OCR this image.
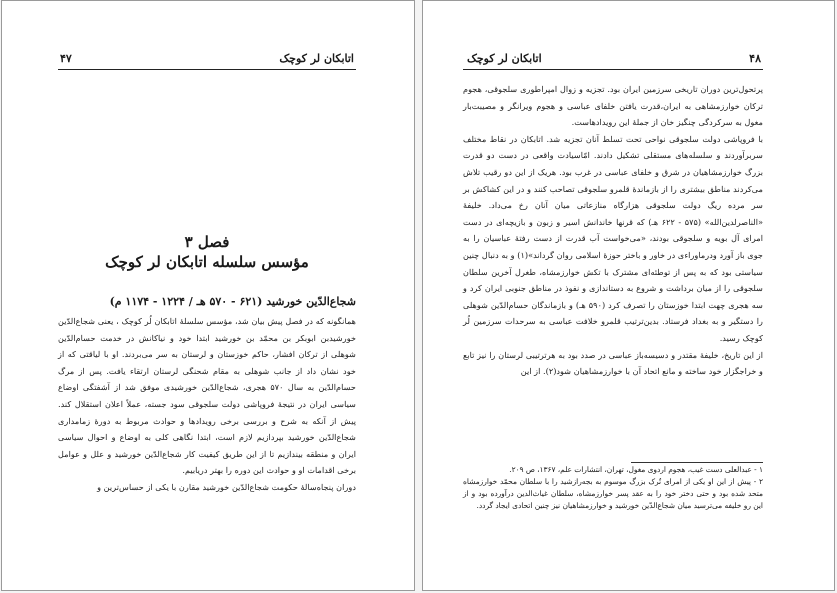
اتابکان لر کوچک
۴۷
فصل ۳
مؤسس سلسله اتابکان لر کوچک
شجاع‌الدّین خورشید (۶۲۱ - ۵۷۰ هـ / ۱۲۲۴ - ۱۱۷۴ م)

همانگونه که در فصل پیش بیان شد، مؤسس سلسلهٔ اتابکان لُر کوچک ، یعنی شجاع‌الدّین خورشیدبن ابوبکر بن محمّد بن خورشید ابتدا خود و نیاکانش در خدمت حسام‌الدّین شوهلی از ترکان افشار، حاکم خوزستان و لرستان به سر می‌بردند. او با لیاقتی که از خود نشان داد از جانب شوهلی به مقام شحنگی لرستان ارتقاء یافت. پس از مرگ حسام‌الدّین به سال ۵۷۰ هجری، شجاع‌الدّین خورشیدی موفق شد از آشفتگی اوضاع سیاسی ایران در نتیجهٔ فروپاشی دولت سلجوقی سود جسته، عملاً اعلان استقلال کند. پیش از آنکه به شرح و بررسی برخی رویدادها و حوادث مربوط به دورهٔ زمامداری شجاع‌الدّین خورشید بپردازیم لازم است، ابتدا نگاهی کلی به اوضاع و احوال سیاسی ایران و منطقه بیندازیم تا از این طریق کیفیت کار شجاع‌الدّین خورشید و علل و عوامل برخی اقدامات او و حوادث این دوره را بهتر دریابیم.

دوران پنجاه‌سالهٔ حکومت شجاع‌الدّین خورشید مقارن با یکی از حساس‌ترین و

۴۸
اتابکان لر کوچک

پرتحول‌ترین دوران تاریخی سرزمین ایران بود. تجزیه و زوال امپراطوری سلجوقی، هجوم ترکان خوارزمشاهی به ایران،قدرت یافتن خلفای عباسی و هجوم ویرانگر و مصیبت‌بار مغول به سرکردگی چنگیز خان از جملهٔ این رویدادهاست.

با فروپاشی دولت سلجوقی نواحی تحت تسلط آنان تجزیه شد. اتابکان در نقاط مختلف سربرآوردند و سلسله‌های مستقلی تشکیل دادند. امّاسیادت واقعی در دست دو قدرت بزرگ خوارزمشاهیان در شرق و خلفای عباسی در غرب بود. هریک از این دو رقیب تلاش می‌کردند مناطق بیشتری را از بازماندهٔ قلمرو سلجوقی تصاحب کنند و در این کشاکش بر سر مرده ریگ دولت سلجوقی هزارگاه منازعاتی میان آنان رخ می‌داد. خلیفهٔ «الناصرلدین‌الله» (۵۷۵ - ۶۲۲ هـ) که قرنها خاندانش اسیر و زبون و بازیچه‌ای در دست امرای آل بویه و سلجوقی بودند، «می‌خواست آب قدرت از دست رفتهٔ عباسیان را به جوی باز آورد ودرماوراءی در خاور و باختر حوزهٔ اسلامی روان گرداند»(۱) و به دنبال چنین سیاستی بود که به پس از توطئه‌ای مشترک با تکش خوارزمشاه، طغرل آخرین سلطان سلجوقی را از میان برداشت و شروع به دستاندازی و نفوذ در مناطق جنوبی ایران کرد و سه هجری چهت ابتدا خوزستان را تصرف کرد (۵۹۰ هـ) و بازماندگان حسام‌الدّین شوهلی را دستگیر و به بغداد فرستاد. بدین‌ترتیب قلمرو خلافت عباسی به سرحدات سرزمین لُر کوچک رسید.

از این تاریخ، خلیفهٔ مقتدر و دسیسه‌باز عباسی در صدد بود به هرترتیبی لرستان را نیز تابع و خراجگزار خود ساخته و مانع اتحاد آن با خوارزمشاهیان شود(۲). از این

۱ - عبدالعلی دست غیب، هجوم اردوی مغول، تهران، انتشارات علم، ۱۳۶۷، ص ۲۰۹.

۲ - پیش از این او یکی از امرای تُرک بزرگ موسوم به بجه‌رازشید را با سلطان محمّد خوارزمشاه متحد شده بود و حتی دختر خود را به عقد پسر خوارزمشاه، سلطان غیاث‌الدین درآورده بود و از این رو خلیفه می‌ترسید میان شجاع‌الدّین خورشید و خوارزمشاهیان نیز چنین اتحادی ایجاد گردد.
